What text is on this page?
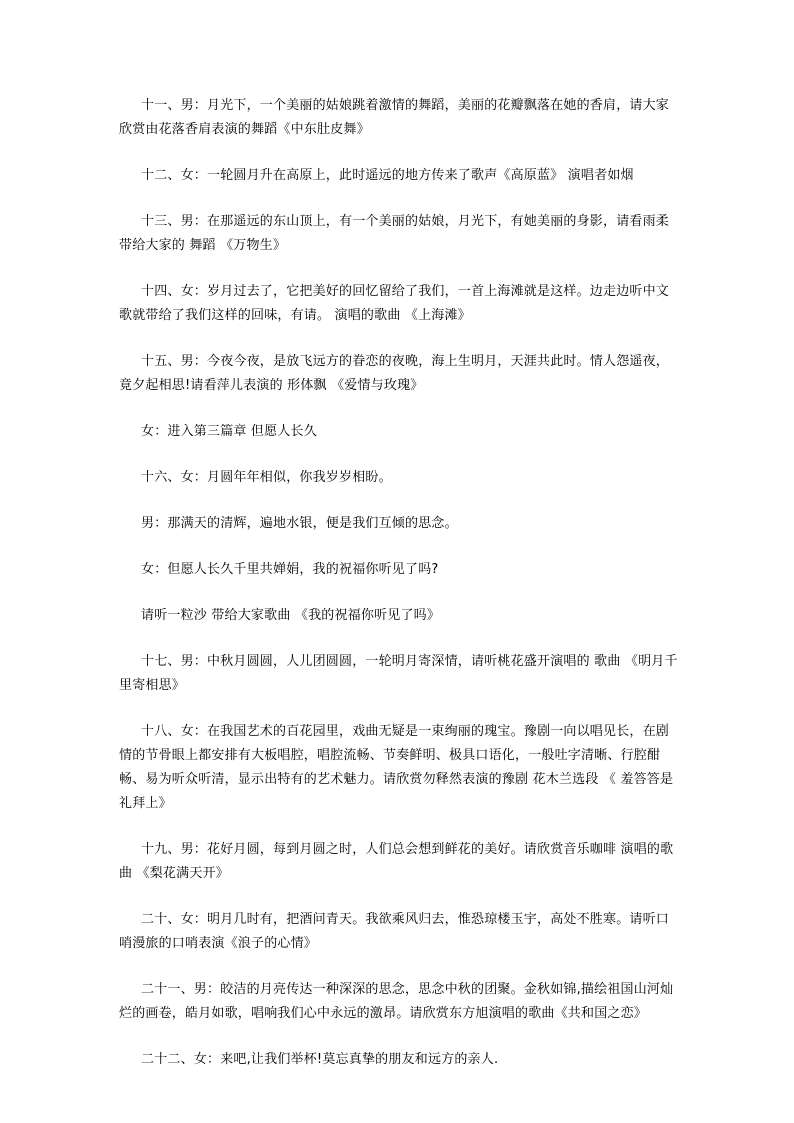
十一、男：月光下，一个美丽的姑娘跳着激情的舞蹈，美丽的花瓣飘落在她的香肩，请大家欣赏由花落香肩表演的舞蹈《中东肚皮舞》

十二、女：一轮圆月升在高原上，此时遥远的地方传来了歌声《高原蓝》 演唱者如烟

十三、男：在那遥远的东山顶上，有一个美丽的姑娘，月光下，有她美丽的身影，请看雨柔带给大家的 舞蹈 《万物生》

十四、女：岁月过去了，它把美好的回忆留给了我们，一首上海滩就是这样。边走边听中文歌就带给了我们这样的回味，有请。 演唱的歌曲 《上海滩》

十五、男：今夜今夜，是放飞远方的眷恋的夜晚，海上生明月，天涯共此时。情人怨遥夜，竟夕起相思!请看萍儿表演的 形体飘 《爱情与玫瑰》

女：进入第三篇章 但愿人长久

十六、女：月圆年年相似，你我岁岁相盼。

男：那满天的清辉，遍地水银，便是我们互倾的思念。

女：但愿人长久千里共婵娟，我的祝福你听见了吗?

请听一粒沙 带给大家歌曲 《我的祝福你听见了吗》

十七、男：中秋月圆圆，人儿团圆圆，一轮明月寄深情，请听桃花盛开演唱的 歌曲 《明月千里寄相思》

十八、女：在我国艺术的百花园里，戏曲无疑是一束绚丽的瑰宝。豫剧一向以唱见长，在剧情的节骨眼上都安排有大板唱腔，唱腔流畅、节奏鲜明、极具口语化，一般吐字清晰、行腔酣畅、易为听众听清，显示出特有的艺术魅力。请欣赏勿释然表演的豫剧 花木兰选段 《 羞答答是礼拜上》

十九、男：花好月圆，每到月圆之时，人们总会想到鲜花的美好。请欣赏音乐咖啡 演唱的歌曲 《梨花满天开》

二十、女：明月几时有，把酒问青天。我欲乘风归去，惟恐琼楼玉宇，高处不胜寒。请听口哨漫旅的口哨表演《浪子的心情》

二十一、男：皎洁的月亮传达一种深深的思念，思念中秋的团聚。金秋如锦,描绘祖国山河灿烂的画卷，皓月如歌，唱响我们心中永远的激昂。请欣赏东方旭演唱的歌曲《共和国之恋》

二十二、女：来吧,让我们举杯!莫忘真挚的朋友和远方的亲人.
